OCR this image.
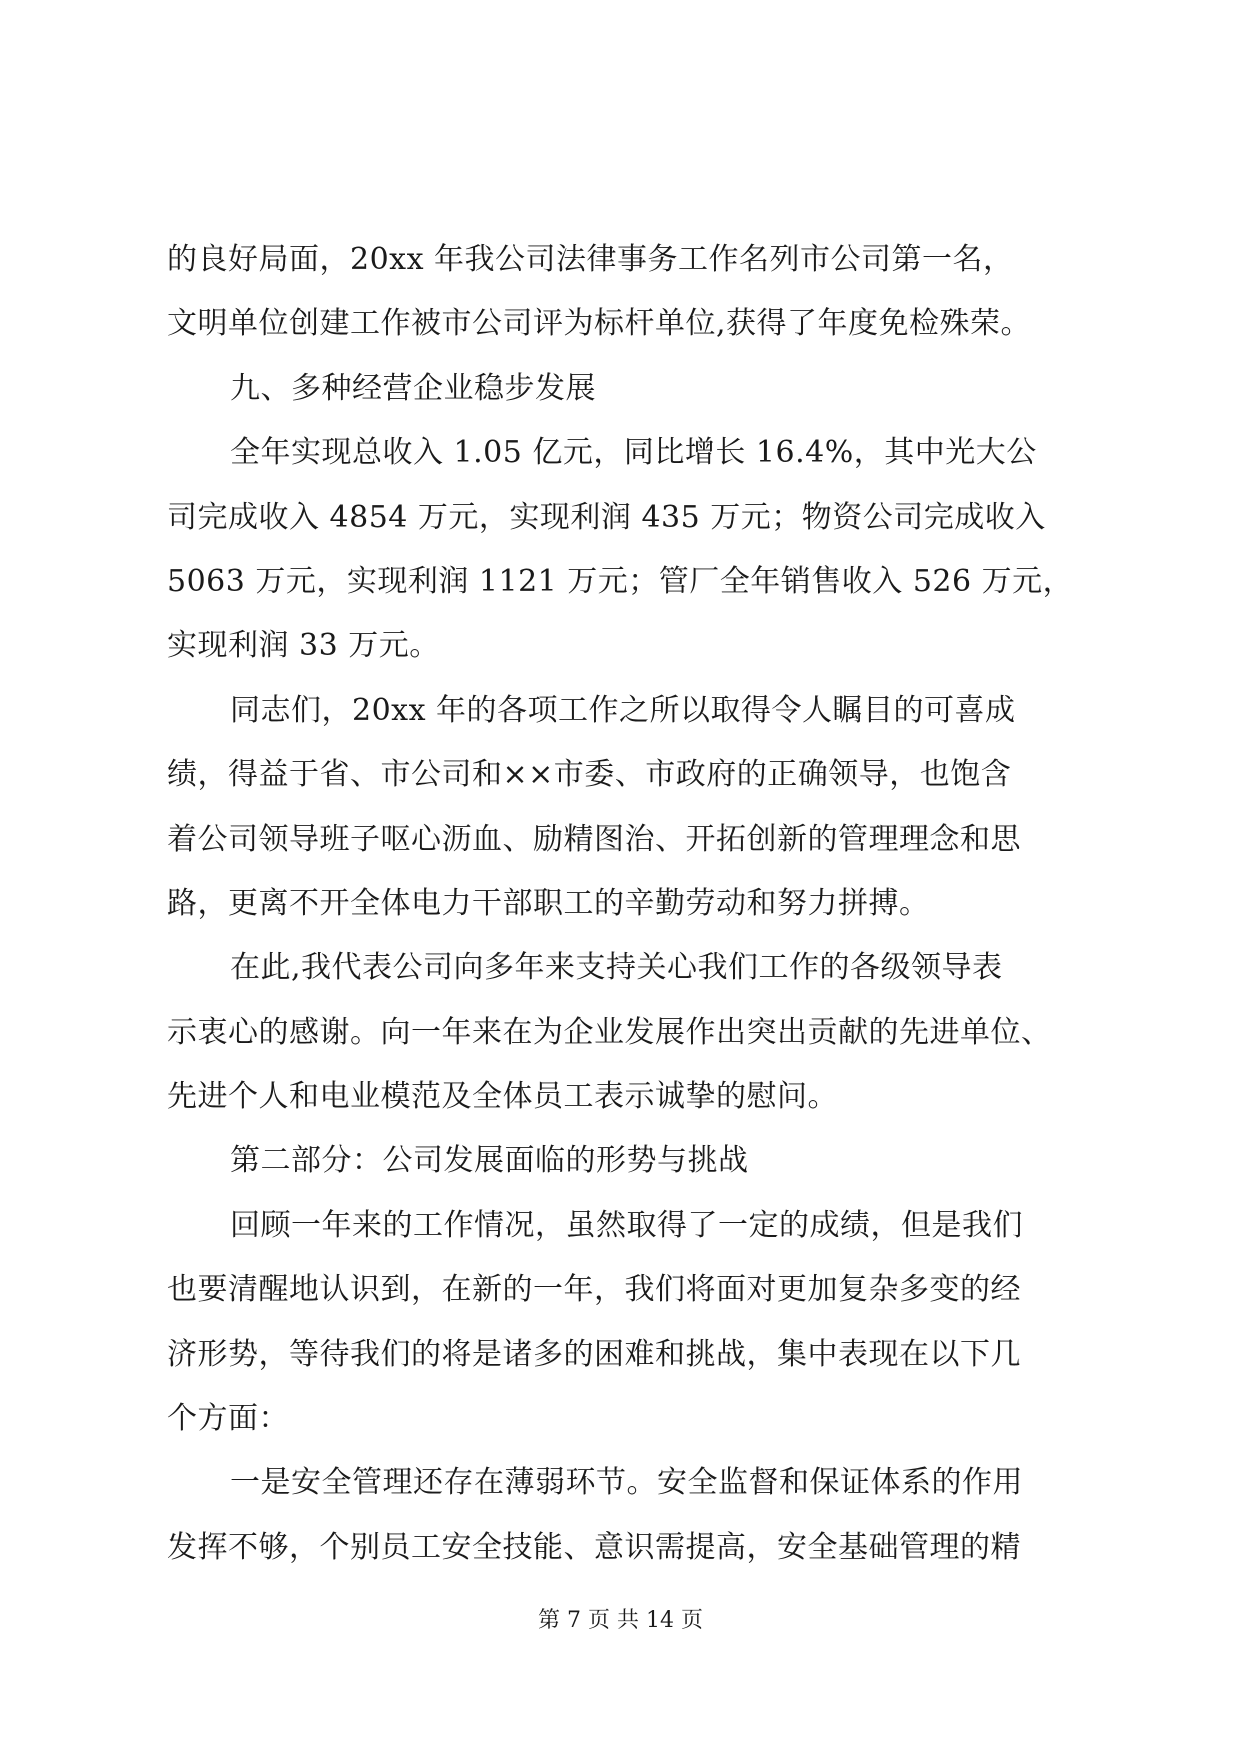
的良好局面，20xx 年我公司法律事务工作名列市公司第一名，
文明单位创建工作被市公司评为标杆单位,获得了年度免检殊荣。
九、多种经营企业稳步发展
全年实现总收入 1.05 亿元，同比增长 16.4%，其中光大公
司完成收入 4854 万元，实现利润 435 万元；物资公司完成收入
5063 万元，实现利润 1121 万元；管厂全年销售收入 526 万元，
实现利润 33 万元。
同志们，20xx 年的各项工作之所以取得令人瞩目的可喜成
绩，得益于省、市公司和××市委、市政府的正确领导，也饱含
着公司领导班子呕心沥血、励精图治、开拓创新的管理理念和思
路，更离不开全体电力干部职工的辛勤劳动和努力拼搏。
在此,我代表公司向多年来支持关心我们工作的各级领导表
示衷心的感谢。向一年来在为企业发展作出突出贡献的先进单位、
先进个人和电业模范及全体员工表示诚挚的慰问。
第二部分：公司发展面临的形势与挑战
回顾一年来的工作情况，虽然取得了一定的成绩，但是我们
也要清醒地认识到，在新的一年，我们将面对更加复杂多变的经
济形势，等待我们的将是诸多的困难和挑战，集中表现在以下几
个方面：
一是安全管理还存在薄弱环节。安全监督和保证体系的作用
发挥不够，个别员工安全技能、意识需提高，安全基础管理的精
第 7 页 共 14 页
